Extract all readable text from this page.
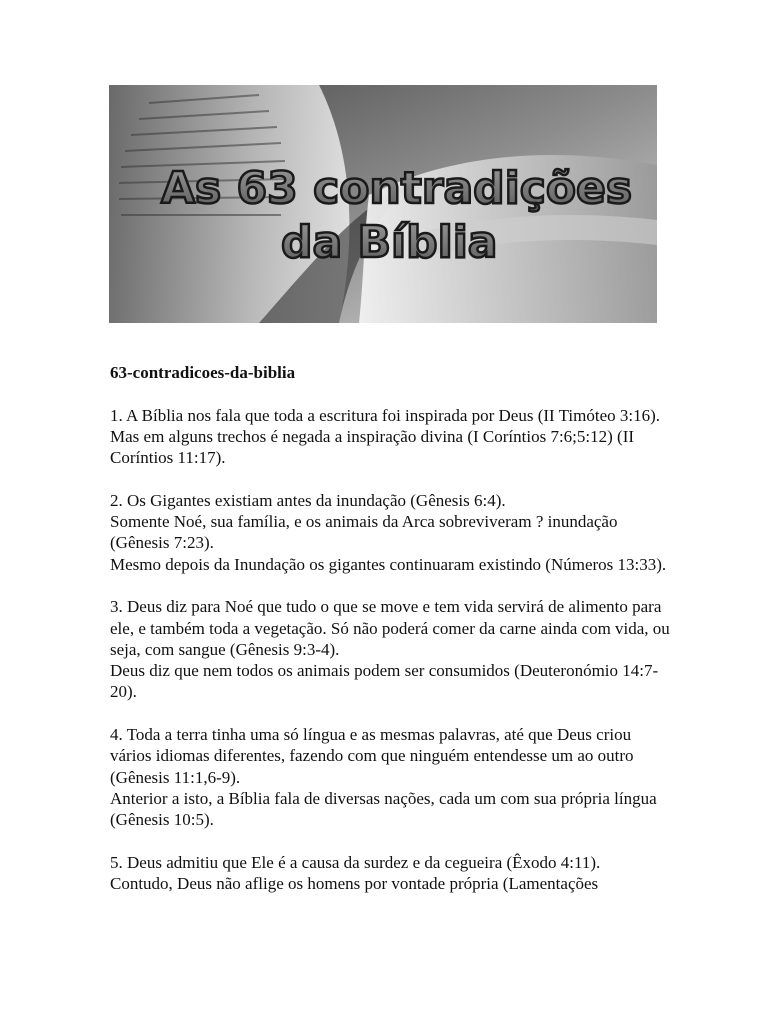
As 63 contradições
da Bíblia
63-contradicoes-da-biblia

1. A Bíblia nos fala que toda a escritura foi inspirada por Deus (II Timóteo 3:16).

Mas em alguns trechos é negada a inspiração divina (I Coríntios 7:6;5:12) (II Coríntios 11:17).

2. Os Gigantes existiam antes da inundação (Gênesis 6:4).

Somente Noé, sua família, e os animais da Arca sobreviveram ? inundação (Gênesis 7:23).

Mesmo depois da Inundação os gigantes continuaram existindo (Números 13:33).

3. Deus diz para Noé que tudo o que se move e tem vida servirá de alimento para ele, e também toda a vegetação. Só não poderá comer da carne ainda com vida, ou seja, com sangue (Gênesis 9:3-4).

Deus diz que nem todos os animais podem ser consumidos (Deuteronómio 14:7-20).

4. Toda a terra tinha uma só língua e as mesmas palavras, até que Deus criou vários idiomas diferentes, fazendo com que ninguém entendesse um ao outro (Gênesis 11:1,6-9).

Anterior a isto, a Bíblia fala de diversas nações, cada um com sua própria língua (Gênesis 10:5).

5. Deus admitiu que Ele é a causa da surdez e da cegueira (Êxodo 4:11).

Contudo, Deus não aflige os homens por vontade própria (Lamentações
